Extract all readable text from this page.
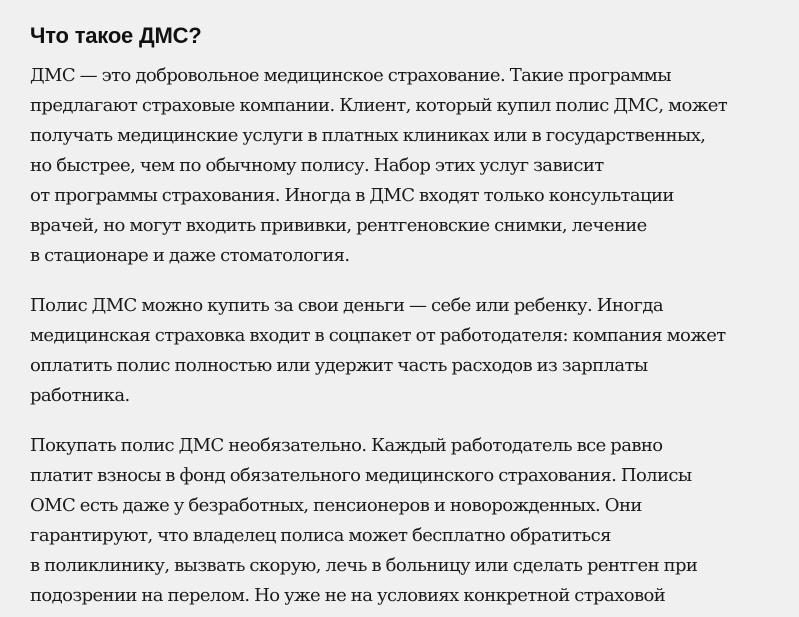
Что такое ДМС?

ДМС — это добровольное медицинское страхование. Такие программы
предлагают страховые компании. Клиент, который купил полис ДМС, может
получать медицинские услуги в платных клиниках или в государственных,
но быстрее, чем по обычному полису. Набор этих услуг зависит
от программы страхования. Иногда в ДМС входят только консультации
врачей, но могут входить прививки, рентгеновские снимки, лечение
в стационаре и даже стоматология.

Полис ДМС можно купить за свои деньги — себе или ребенку. Иногда
медицинская страховка входит в соцпакет от работодателя: компания может
оплатить полис полностью или удержит часть расходов из зарплаты
работника.

Покупать полис ДМС необязательно. Каждый работодатель все равно
платит взносы в фонд обязательного медицинского страхования. Полисы
ОМС есть даже у безработных, пенсионеров и новорожденных. Они
гарантируют, что владелец полиса может бесплатно обратиться
в поликлинику, вызвать скорую, лечь в больницу или сделать рентген при
подозрении на перелом. Но уже не на условиях конкретной страховой
